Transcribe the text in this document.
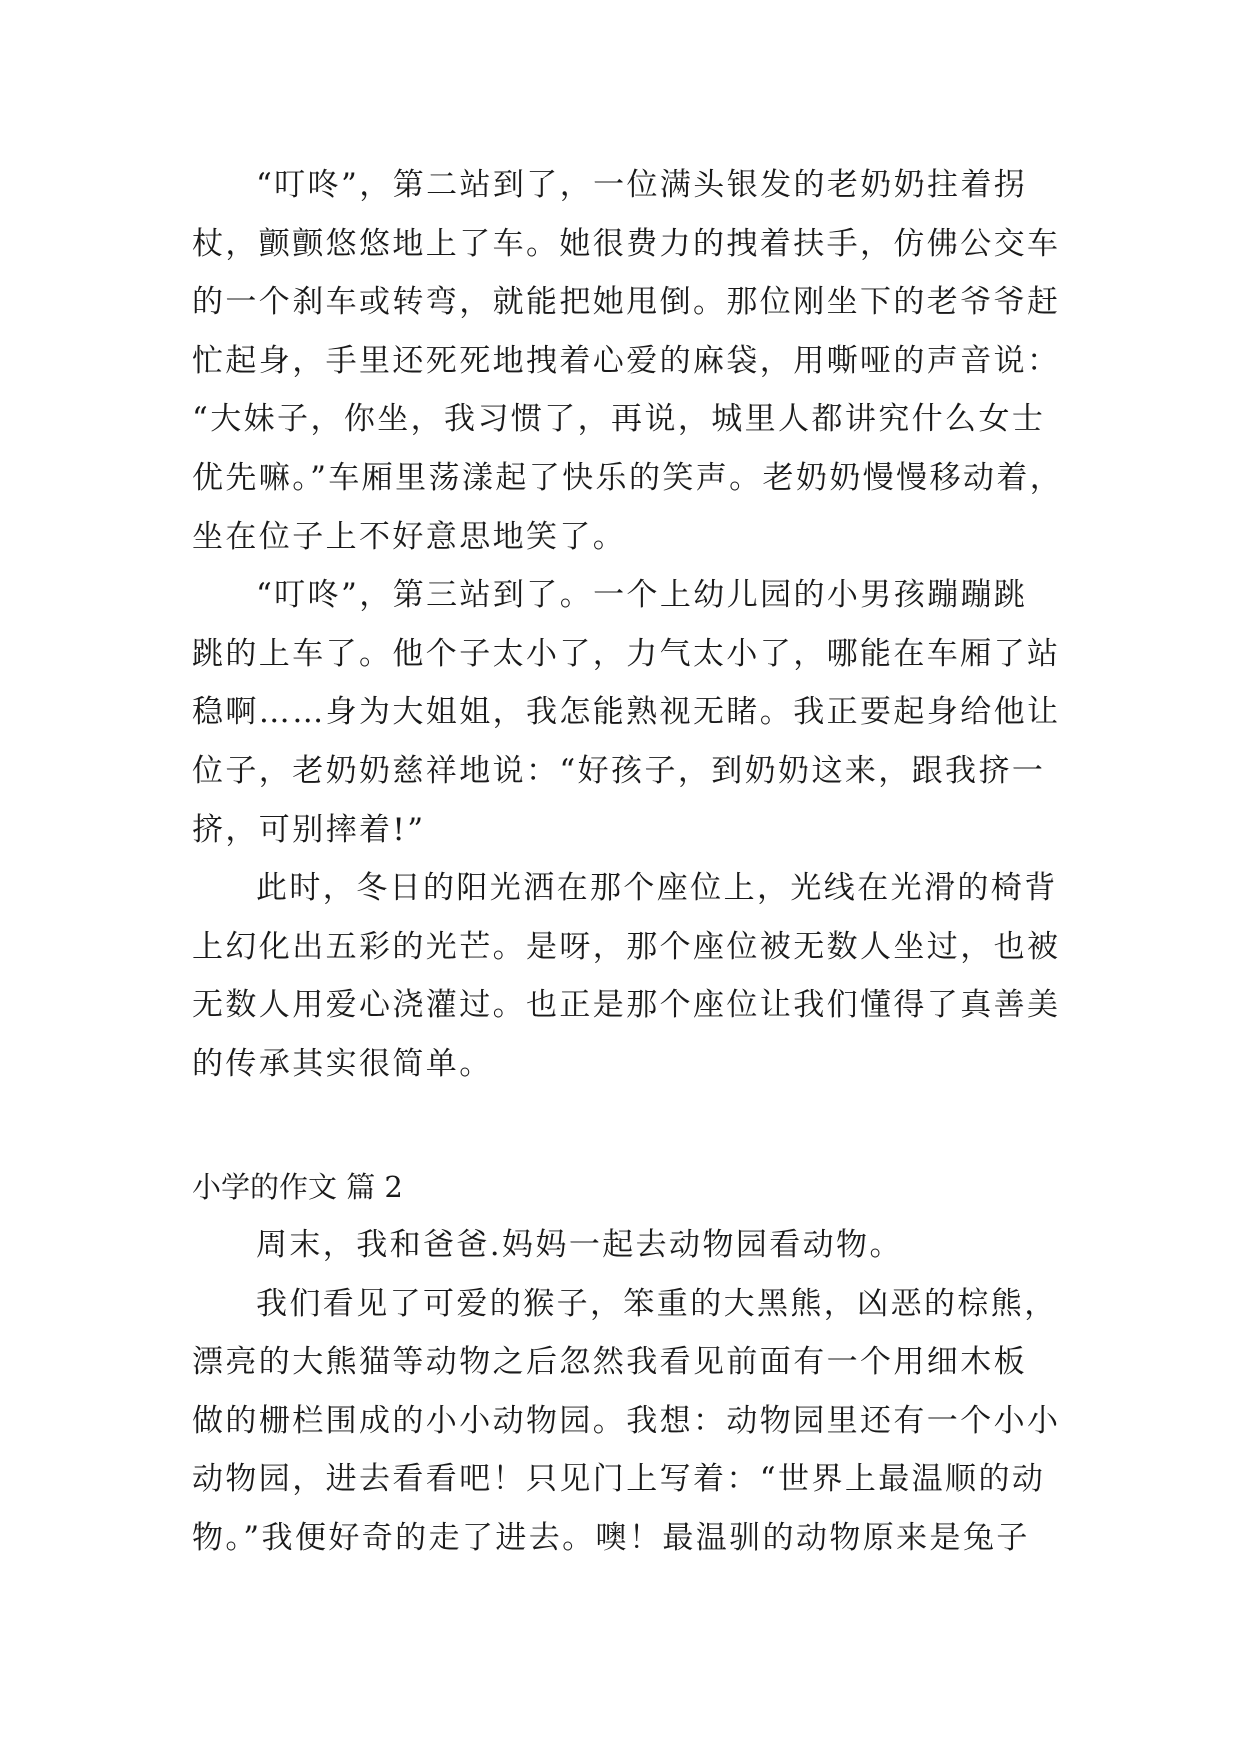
“叮咚”，第二站到了，一位满头银发的老奶奶拄着拐
杖，颤颤悠悠地上了车。她很费力的拽着扶手，仿佛公交车
的一个刹车或转弯，就能把她甩倒。那位刚坐下的老爷爷赶
忙起身，手里还死死地拽着心爱的麻袋，用嘶哑的声音说：
“大妹子，你坐，我习惯了，再说，城里人都讲究什么女士
优先嘛。”车厢里荡漾起了快乐的笑声。老奶奶慢慢移动着，
坐在位子上不好意思地笑了。
“叮咚”，第三站到了。一个上幼儿园的小男孩蹦蹦跳
跳的上车了。他个子太小了，力气太小了，哪能在车厢了站
稳啊……身为大姐姐，我怎能熟视无睹。我正要起身给他让
位子，老奶奶慈祥地说：“好孩子，到奶奶这来，跟我挤一
挤，可别摔着!”
此时，冬日的阳光洒在那个座位上，光线在光滑的椅背
上幻化出五彩的光芒。是呀，那个座位被无数人坐过，也被
无数人用爱心浇灌过。也正是那个座位让我们懂得了真善美
的传承其实很简单。
小学的作文 篇 2
周末，我和爸爸.妈妈一起去动物园看动物。
我们看见了可爱的猴子，笨重的大黑熊，凶恶的棕熊，
漂亮的大熊猫等动物之后忽然我看见前面有一个用细木板
做的栅栏围成的小小动物园。我想：动物园里还有一个小小
动物园，进去看看吧！只见门上写着：“世界上最温顺的动
物。”我便好奇的走了进去。噢！最温驯的动物原来是兔子
